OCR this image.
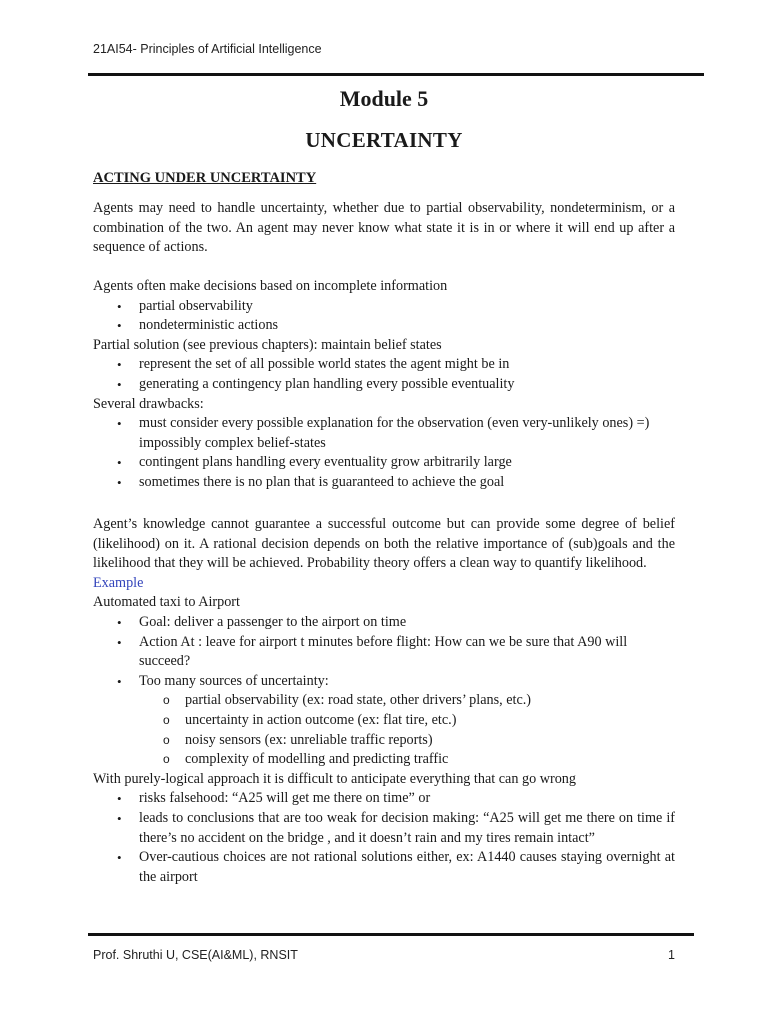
21AI54- Principles of Artificial Intelligence
Module 5
UNCERTAINTY
ACTING UNDER UNCERTAINTY

Agents may need to handle uncertainty, whether due to partial observability, nondeterminism, or a combination of the two. An agent may never know what state it is in or where it will end up after a sequence of actions.

Agents often make decisions based on incomplete information

• partial observability
• nondeterministic actions

Partial solution (see previous chapters): maintain belief states

• represent the set of all possible world states the agent might be in
• generating a contingency plan handling every possible eventuality

Several drawbacks:

• must consider every possible explanation for the observation (even very-unlikely ones) =) impossibly complex belief-states
• contingent plans handling every eventuality grow arbitrarily large
• sometimes there is no plan that is guaranteed to achieve the goal

Agent’s knowledge cannot guarantee a successful outcome but can provide some degree of belief (likelihood) on it. A rational decision depends on both the relative importance of (sub)goals and the likelihood that they will be achieved. Probability theory offers a clean way to quantify likelihood.

Example

Automated taxi to Airport

• Goal: deliver a passenger to the airport on time
• Action At : leave for airport t minutes before flight: How can we be sure that A90 will succeed?
• Too many sources of uncertainty:
o partial observability (ex: road state, other drivers’ plans, etc.)
o uncertainty in action outcome (ex: flat tire, etc.)
o noisy sensors (ex: unreliable traffic reports)
o complexity of modelling and predicting traffic

With purely-logical approach it is difficult to anticipate everything that can go wrong

• risks falsehood: “A25 will get me there on time” or
• leads to conclusions that are too weak for decision making: “A25 will get me there on time if there’s no accident on the bridge , and it doesn’t rain and my tires remain intact”
• Over-cautious choices are not rational solutions either, ex: A1440 causes staying overnight at the airport
Prof. Shruthi U, CSE(AI&ML), RNSIT	1
